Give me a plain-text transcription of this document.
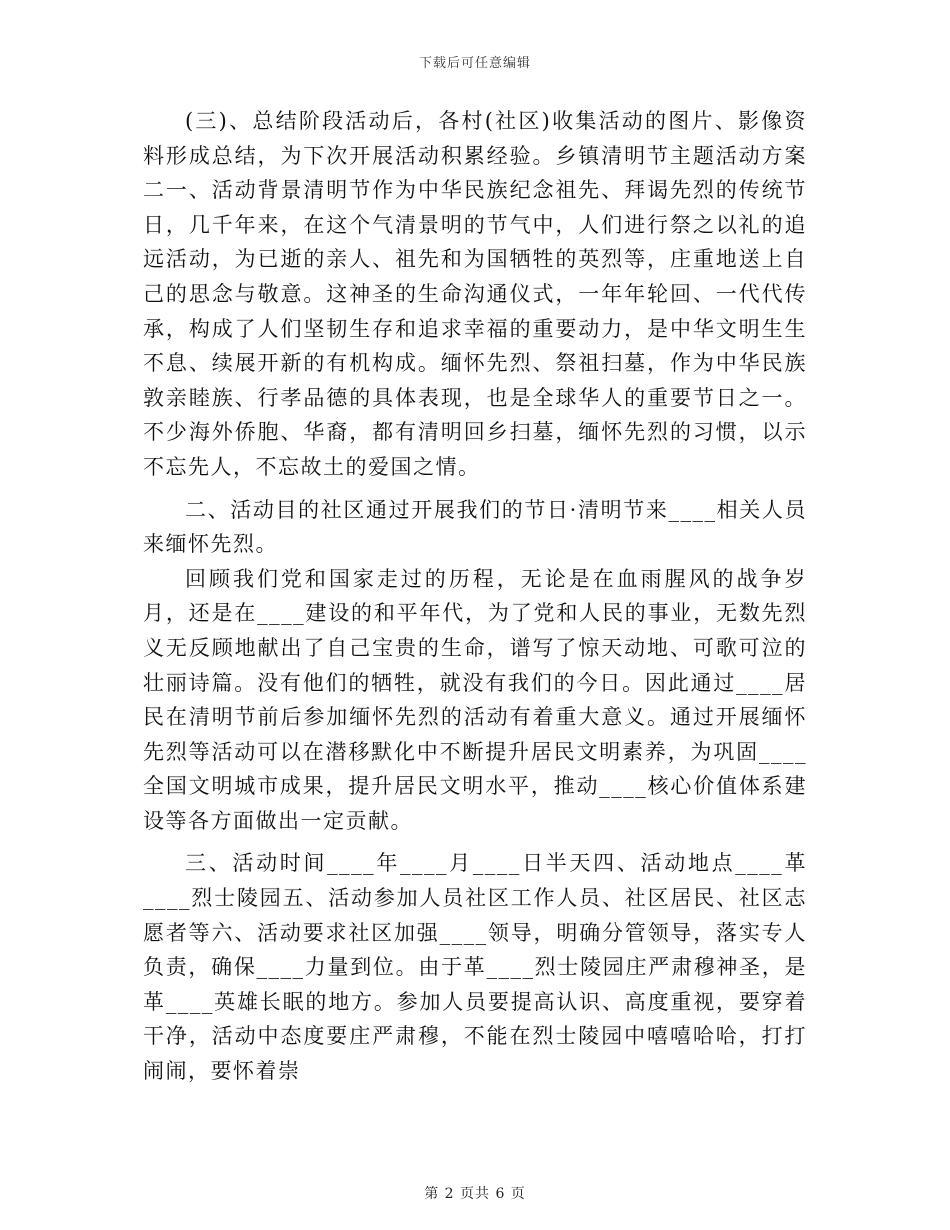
下载后可任意编辑

(三)、总结阶段活动后，各村(社区)收集活动的图片、影像资料形成总结，为下次开展活动积累经验。乡镇清明节主题活动方案二一、活动背景清明节作为中华民族纪念祖先、拜谒先烈的传统节日，几千年来，在这个气清景明的节气中，人们进行祭之以礼的追远活动，为已逝的亲人、祖先和为国牺牲的英烈等，庄重地送上自己的思念与敬意。这神圣的生命沟通仪式，一年年轮回、一代代传承，构成了人们坚韧生存和追求幸福的重要动力，是中华文明生生不息、续展开新的有机构成。缅怀先烈、祭祖扫墓，作为中华民族敦亲睦族、行孝品德的具体表现，也是全球华人的重要节日之一。不少海外侨胞、华裔，都有清明回乡扫墓，缅怀先烈的习惯，以示不忘先人，不忘故土的爱国之情。

二、活动目的社区通过开展我们的节日·清明节来____相关人员来缅怀先烈。

回顾我们党和国家走过的历程，无论是在血雨腥风的战争岁月，还是在____建设的和平年代，为了党和人民的事业，无数先烈义无反顾地献出了自己宝贵的生命，谱写了惊天动地、可歌可泣的壮丽诗篇。没有他们的牺牲，就没有我们的今日。因此通过____居民在清明节前后参加缅怀先烈的活动有着重大意义。通过开展缅怀先烈等活动可以在潜移默化中不断提升居民文明素养，为巩固____全国文明城市成果，提升居民文明水平，推动____核心价值体系建设等各方面做出一定贡献。

三、活动时间____年____月____日半天四、活动地点____革____烈士陵园五、活动参加人员社区工作人员、社区居民、社区志愿者等六、活动要求社区加强____领导，明确分管领导，落实专人负责，确保____力量到位。由于革____烈士陵园庄严肃穆神圣，是革____英雄长眠的地方。参加人员要提高认识、高度重视，要穿着干净，活动中态度要庄严肃穆，不能在烈士陵园中嘻嘻哈哈，打打闹闹，要怀着崇

第 2 页共 6 页
